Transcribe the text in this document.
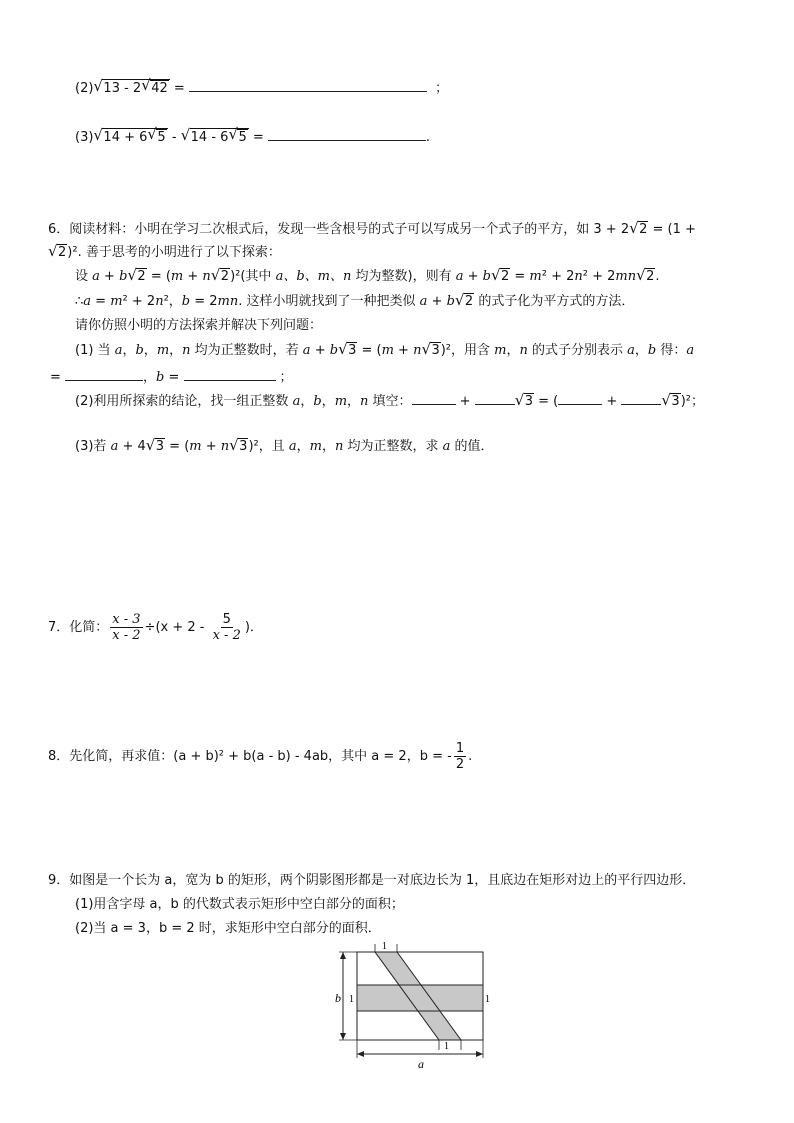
(2) √ 13 - 2 √ 42 =	；
(3) √ 14 + 6 √ 5 - √ 14 - 6 √ 5 =	.
6．阅读材料：小明在学习二次根式后，发现一些含根号的式子可以写成另一个式子的平方，如 3 + 2 √ 2 = (1 +
√ 2)². 善于思考的小明进行了以下探索：
设 a + b √ 2 = (m + n √ 2)²(其中 a、b、m、n 均为整数)，则有 a + b √ 2 = m² + 2n² + 2mn √ 2.
∴a = m² + 2n²，b = 2mn. 这样小明就找到了一种把类似 a + b √ 2 的式子化为平方式的方法．
请你仿照小明的方法探索并解决下列问题：
(1) 当 a，b，m，n 均为正整数时，若 a + b √ 3 = (m + n √ 3)²，用含 m，n 的式子分别表示 a，b 得：a
=	，b =	；
(2)利用所探索的结论，找一组正整数 a，b，m，n 填空：	+	√ 3 = (	+	√ 3)²；
(3)若 a + 4 √ 3 = (m + n √ 3)²，且 a，m，n 均为正整数，求 a 的值．
7．化简： $\frac{x - 3}{x - 2} \div(x + 2 - \frac{5}{x - 2}$ )．
8．先化简，再求值：(a + b)² + b(a - b) - 4ab，其中 a = 2，b = - $\frac{1}{2}$ .
9．如图是一个长为 a，宽为 b 的矩形，两个阴影图形都是一对底边长为 1，且底边在矩形对边上的平行四边形．
(1)用含字母 a，b 的代数式表示矩形中空白部分的面积；
(2)当 a = 3，b = 2 时，求矩形中空白部分的面积．
b
a
1
1	1
1
